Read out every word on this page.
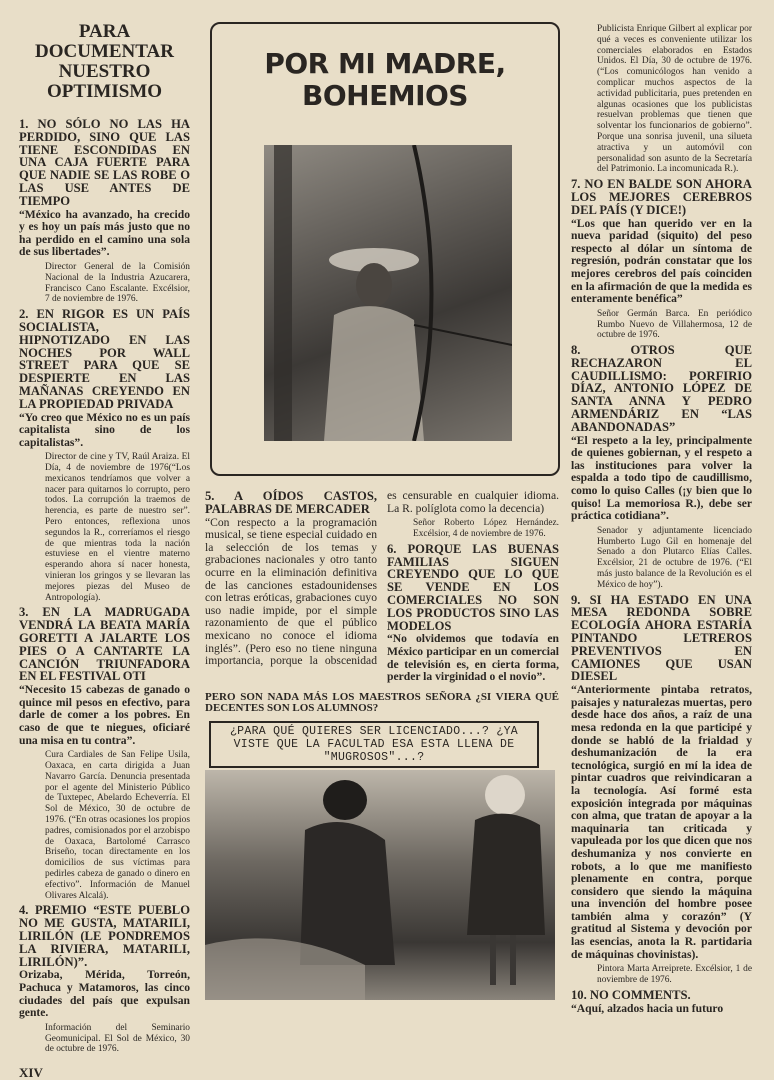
PARA

DOCUMENTAR

NUESTRO

OPTIMISMO

1. NO SÓLO NO LAS HA PERDIDO, SINO QUE LAS TIENE ESCONDIDAS EN UNA CAJA FUERTE PARA QUE NADIE SE LAS ROBE O LAS USE ANTES DE TIEMPO

“México ha avanzado, ha crecido y es hoy un país más justo que no ha perdido en el camino una sola de sus libertades”.

Director General de la Comisión Nacional de la Industria Azucarera, Francisco Cano Escalante. Excélsior, 7 de noviembre de 1976.

2. EN RIGOR ES UN PAÍS SOCIALISTA, HIPNOTIZADO EN LAS NOCHES POR WALL STREET PARA QUE SE DESPIERTE EN LAS MAÑANAS CREYENDO EN LA PROPIEDAD PRIVADA

“Yo creo que México no es un país capitalista sino de los capitalistas”.

Director de cine y TV, Raúl Araiza. El Día, 4 de noviembre de 1976(“Los mexicanos tendríamos que volver a nacer para quitarnos lo corrupto, pero todos. La corrupción la traemos de herencia, es parte de nuestro ser”. Pero entonces, reflexiona unos segundos la R., correríamos el riesgo de que mientras toda la nación estuviese en el vientre materno esperando ahora sí nacer honesta, vinieran los gringos y se llevaran las mejores piezas del Museo de Antropología).

3. EN LA MADRUGADA VENDRÁ LA BEATA MARÍA GORETTI A JALARTE LOS PIES O A CANTARTE LA CANCIÓN TRIUNFADORA EN EL FESTIVAL OTI

“Necesito 15 cabezas de ganado o quince mil pesos en efectivo, para darle de comer a los pobres. En caso de que te niegues, oficiaré una misa en tu contra”.

Cura Cardiales de San Felipe Usila, Oaxaca, en carta dirigida a Juan Navarro García. Denuncia presentada por el agente del Ministerio Público de Tuxtepec, Abelardo Echeverría. El Sol de México, 30 de octubre de 1976. (“En otras ocasiones los propios padres, comisionados por el arzobispo de Oaxaca, Bartolomé Carrasco Briseño, tocan directamente en los domicilios de sus víctimas para pedirles cabeza de ganado o dinero en efectivo”. Información de Manuel Olivares Alcalá).

4. PREMIO “ESTE PUEBLO NO ME GUSTA, MATARILI, LIRILÓN (LE PONDREMOS LA RIVIERA, MATARILI, LIRILÓN)”.

Orizaba, Mérida, Torreón, Pachuca y Matamoros, las cinco ciudades del país que expulsan gente.

Información del Seminario Geomunicipal. El Sol de México, 30 de octubre de 1976.

XIV
POR MI MADRE,
BOHEMIOS

5. A OÍDOS CASTOS, PALABRAS DE MERCADER

“Con respecto a la programación musical, se tiene especial cuidado en la selección de los temas y grabaciones nacionales y otro tanto ocurre en la eliminación definitiva de las canciones estadounidenses con letras eróticas, grabaciones cuyo uso nadie impide, por el simple razonamiento de que el público mexicano no conoce el idioma inglés”. (Pero eso no tiene ninguna importancia, porque la obscenidad es censurable en cualquier idioma. La R. políglota como la decencia)

Señor Roberto López Hernández. Excélsior, 4 de noviembre de 1976.

6. PORQUE LAS BUENAS FAMILIAS SIGUEN CREYENDO QUE LO QUE SE VENDE EN LOS COMERCIALES NO SON LOS PRODUCTOS SINO LAS MODELOS

“No olvidemos que todavía en México participar en un comercial de televisión es, en cierta forma, perder la virginidad o el novio”.

PERO SON NADA MÁS LOS MAESTROS SEÑORA ¿SI VIERA QUÉ DECENTES SON LOS ALUMNOS?
¿PARA QUÉ QUIERES SER LICENCIADO...? ¿YA VISTE QUE LA FACULTAD ESA ESTA LLENA DE "MUGROSOS"...?

Publicista Enrique Gilbert al explicar por qué a veces es conveniente utilizar los comerciales elaborados en Estados Unidos. El Día, 30 de octubre de 1976. (“Los comunicólogos han venido a complicar muchos aspectos de la actividad publicitaria, pues pretenden en algunas ocasiones que los publicistas resuelvan problemas que tienen que solventar los funcionarios de gobierno”. Porque una sonrisa juvenil, una silueta atractiva y un automóvil con personalidad son asunto de la Secretaría del Patrimonio. La incomunicada R.).

7. NO EN BALDE SON AHORA LOS MEJORES CEREBROS DEL PAÍS (Y DICE!)

“Los que han querido ver en la nueva paridad (siquito) del peso respecto al dólar un síntoma de regresión, podrán constatar que los mejores cerebros del país coinciden en la afirmación de que la medida es enteramente benéfica”

Señor Germán Barca. En periódico Rumbo Nuevo de Villahermosa, 12 de octubre de 1976.

8. OTROS QUE RECHAZARON EL CAUDILLISMO: PORFIRIO DÍAZ, ANTONIO LÓPEZ DE SANTA ANNA Y PEDRO ARMENDÁRIZ EN “LAS ABANDONADAS”

“El respeto a la ley, principalmente de quienes gobiernan, y el respeto a las instituciones para volver la espalda a todo tipo de caudillismo, como lo quiso Calles (¡y bien que lo quiso! La memoriosa R.), debe ser práctica cotidiana”.

Senador y adjuntamente licenciado Humberto Lugo Gil en homenaje del Senado a don Plutarco Elías Calles. Excélsior, 21 de octubre de 1976. (“El más justo balance de la Revolución es el México de hoy”).

9. SI HA ESTADO EN UNA MESA REDONDA SOBRE ECOLOGÍA AHORA ESTARÍA PINTANDO LETREROS PREVENTIVOS EN CAMIONES QUE USAN DIESEL

“Anteriormente pintaba retratos, paisajes y naturalezas muertas, pero desde hace dos años, a raíz de una mesa redonda en la que participé y donde se habló de la frialdad y deshumanización de la era tecnológica, surgió en mí la idea de pintar cuadros que reivindicaran a la tecnología. Así formé esta exposición integrada por máquinas con alma, que tratan de apoyar a la maquinaria tan criticada y vapuleada por los que dicen que nos deshumaniza y nos convierte en robots, a lo que me manifiesto plenamente en contra, porque considero que siendo la máquina una invención del hombre posee también alma y corazón” (Y gratitud al Sistema y devoción por las esencias, anota la R. partidaria de máquinas chovinistas).

Pintora Marta Arreiprete. Excélsior, 1 de noviembre de 1976.

10. NO COMMENTS.

“Aquí, alzados hacia un futuro
